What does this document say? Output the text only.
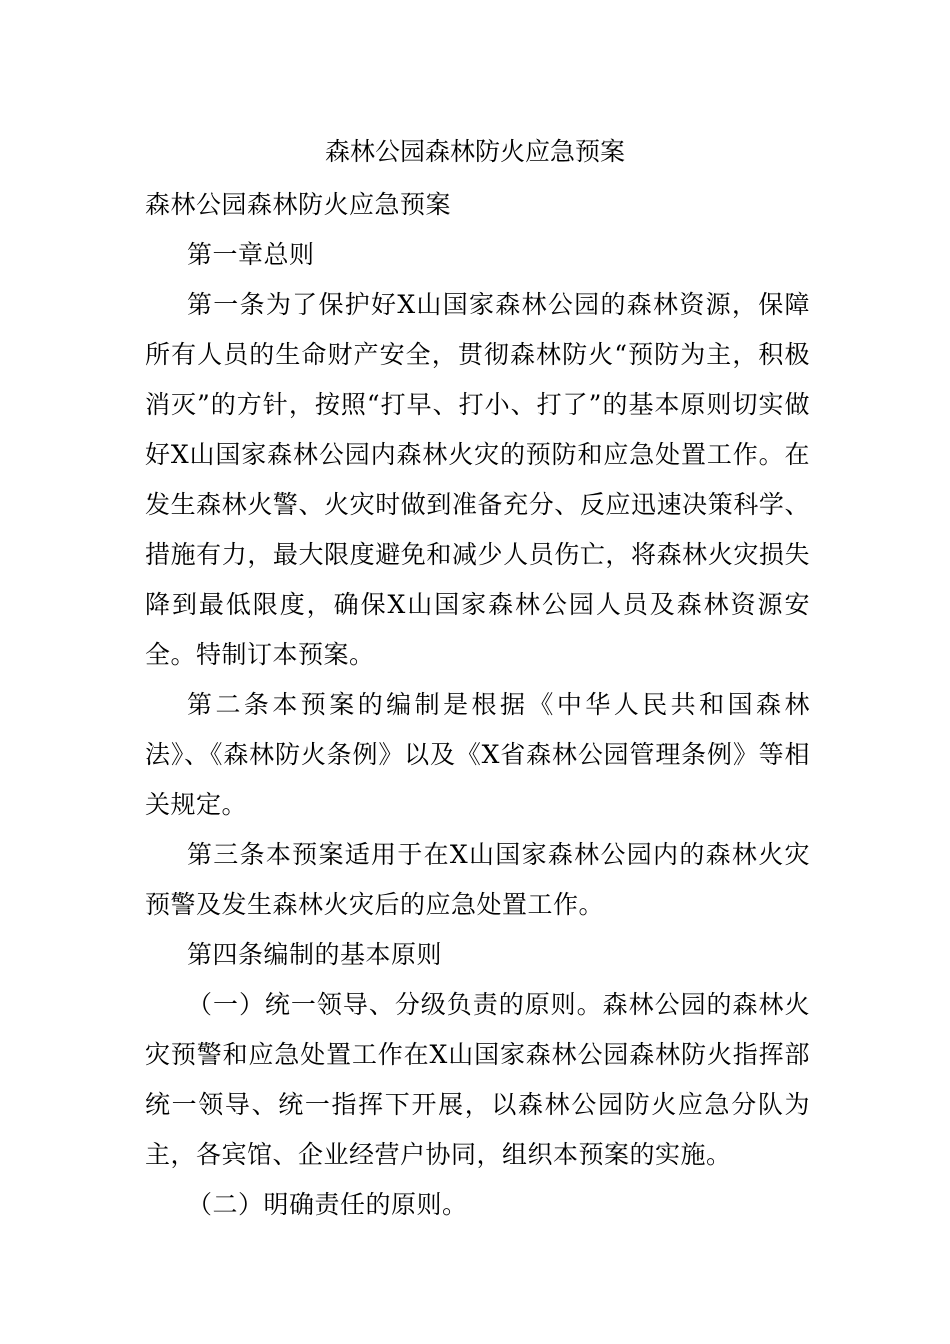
森林公园森林防火应急预案

森林公园森林防火应急预案

第一章总则

第一条为了保护好X山国家森林公园的森林资源，保障所有人员的生命财产安全，贯彻森林防火“预防为主，积极消灭”的方针，按照“打早、打小、打了”的基本原则切实做好X山国家森林公园内森林火灾的预防和应急处置工作。在发生森林火警、火灾时做到准备充分、反应迅速决策科学、措施有力，最大限度避免和减少人员伤亡，将森林火灾损失降到最低限度，确保X山国家森林公园人员及森林资源安全。特制订本预案。

第二条本预案的编制是根据《中华人民共和国森林法》、《森林防火条例》以及《X省森林公园管理条例》等相关规定。

第三条本预案适用于在X山国家森林公园内的森林火灾预警及发生森林火灾后的应急处置工作。

第四条编制的基本原则

（一）统一领导、分级负责的原则。森林公园的森林火灾预警和应急处置工作在X山国家森林公园森林防火指挥部统一领导、统一指挥下开展，以森林公园防火应急分队为主，各宾馆、企业经营户协同，组织本预案的实施。

（二）明确责任的原则。
